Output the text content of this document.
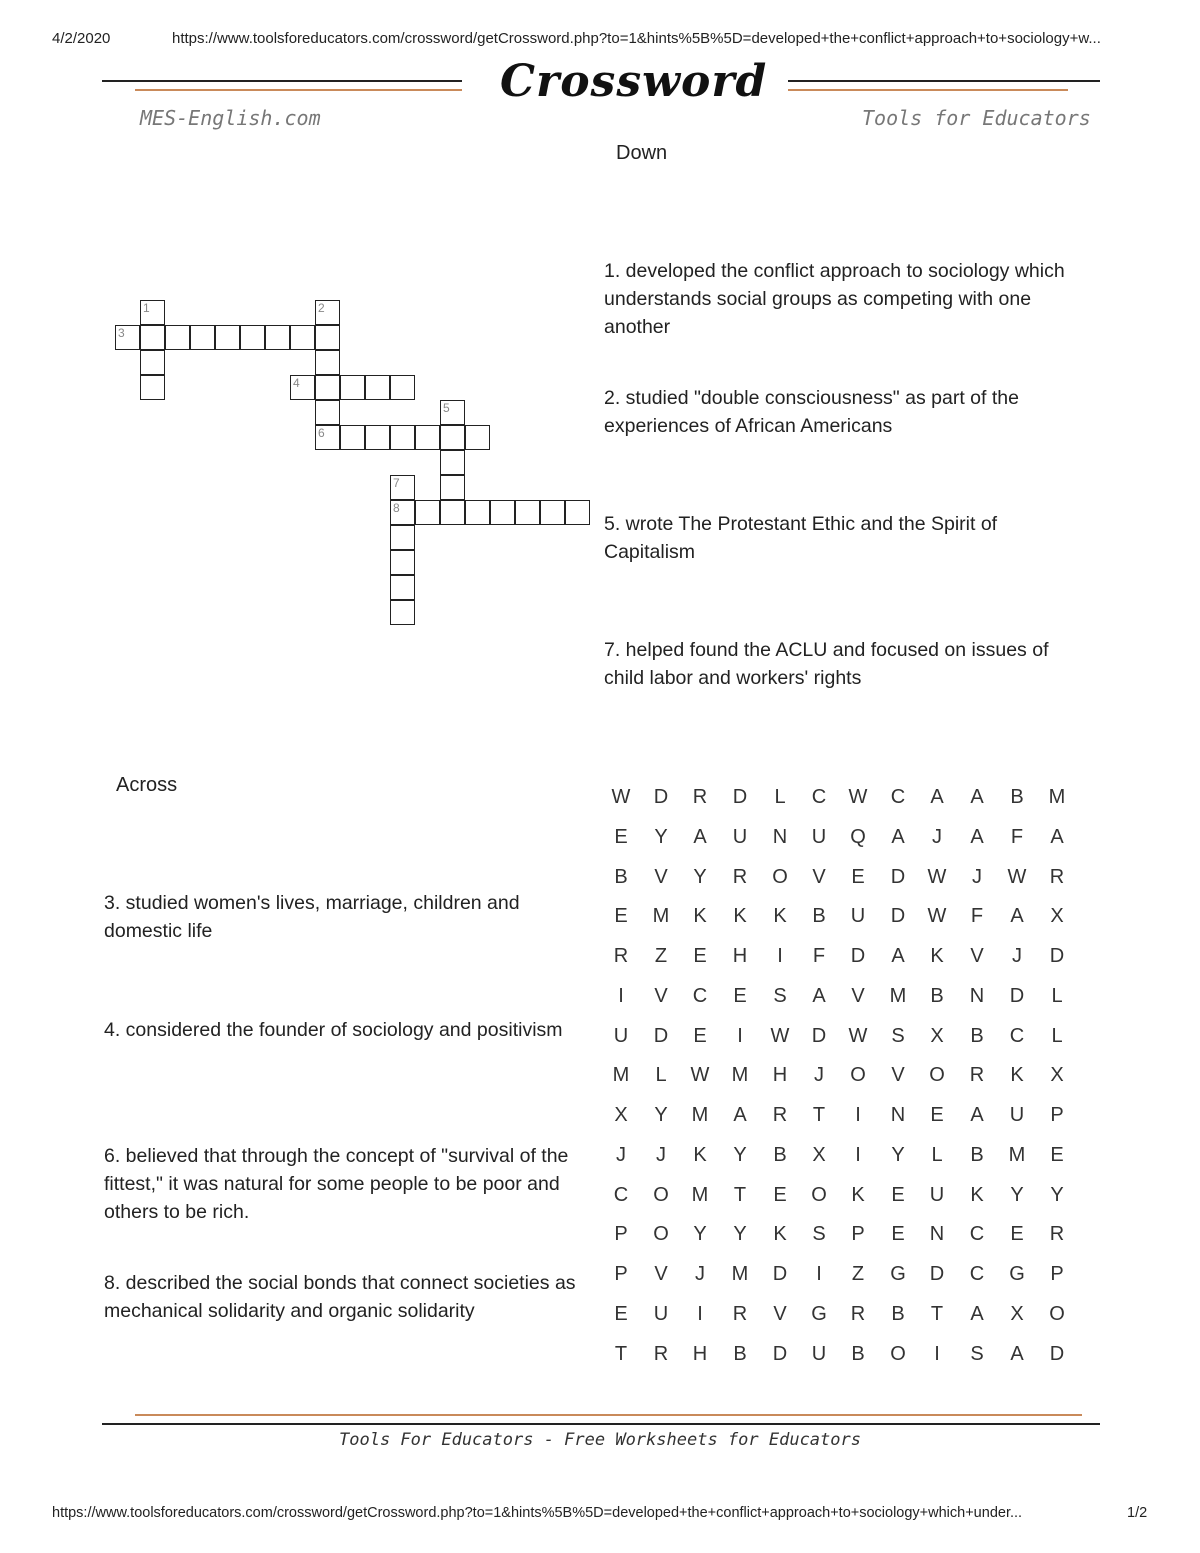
4/2/2020	https://www.toolsforeducators.com/crossword/getCrossword.php?to=1&hints%5B%5D=developed+the+conflict+approach+to+sociology+w...
Crossword
MES-English.com	Tools for Educators
Down
1. developed the conflict approach to sociology which understands social groups as competing with one another
2. studied "double consciousness" as part of the experiences of African Americans
5. wrote The Protestant Ethic and the Spirit of Capitalism
7. helped found the ACLU and focused on issues of child labor and workers' rights
Across
3. studied women's lives, marriage, children and domestic life
4. considered the founder of sociology and positivism
6. believed that through the concept of "survival of the fittest," it was natural for some people to be poor and others to be rich.
8. described the social bonds that connect societies as mechanical solidarity and organic solidarity
1	2
6
3
4
5
7
8
W	D	R	D	L	C	W	C	A	A	B	M
E	Y	A	U	N	U	Q	A	J	A	F	A
B	V	Y	R	O	V	E	D	W	J	W	R
E	M	K	K	K	B	U	D	W	F	A	X
R	Z	E	H	I	F	D	A	K	V	J	D
I	V	C	E	S	A	V	M	B	N	D	L
U	D	E	I	W	D	W	S	X	B	C	L
M	L	W	M	H	J	O	V	O	R	K	X
X	Y	M	A	R	T	I	N	E	A	U	P
J	J	K	Y	B	X	I	Y	L	B	M	E
C	O	M	T	E	O	K	E	U	K	Y	Y
P	O	Y	Y	K	S	P	E	N	C	E	R
P	V	J	M	D	I	Z	G	D	C	G	P
E	U	I	R	V	G	R	B	T	A	X	O
T	R	H	B	D	U	B	O	I	S	A	D
Tools For Educators - Free Worksheets for Educators
https://www.toolsforeducators.com/crossword/getCrossword.php?to=1&hints%5B%5D=developed+the+conflict+approach+to+sociology+which+under...	1/2
